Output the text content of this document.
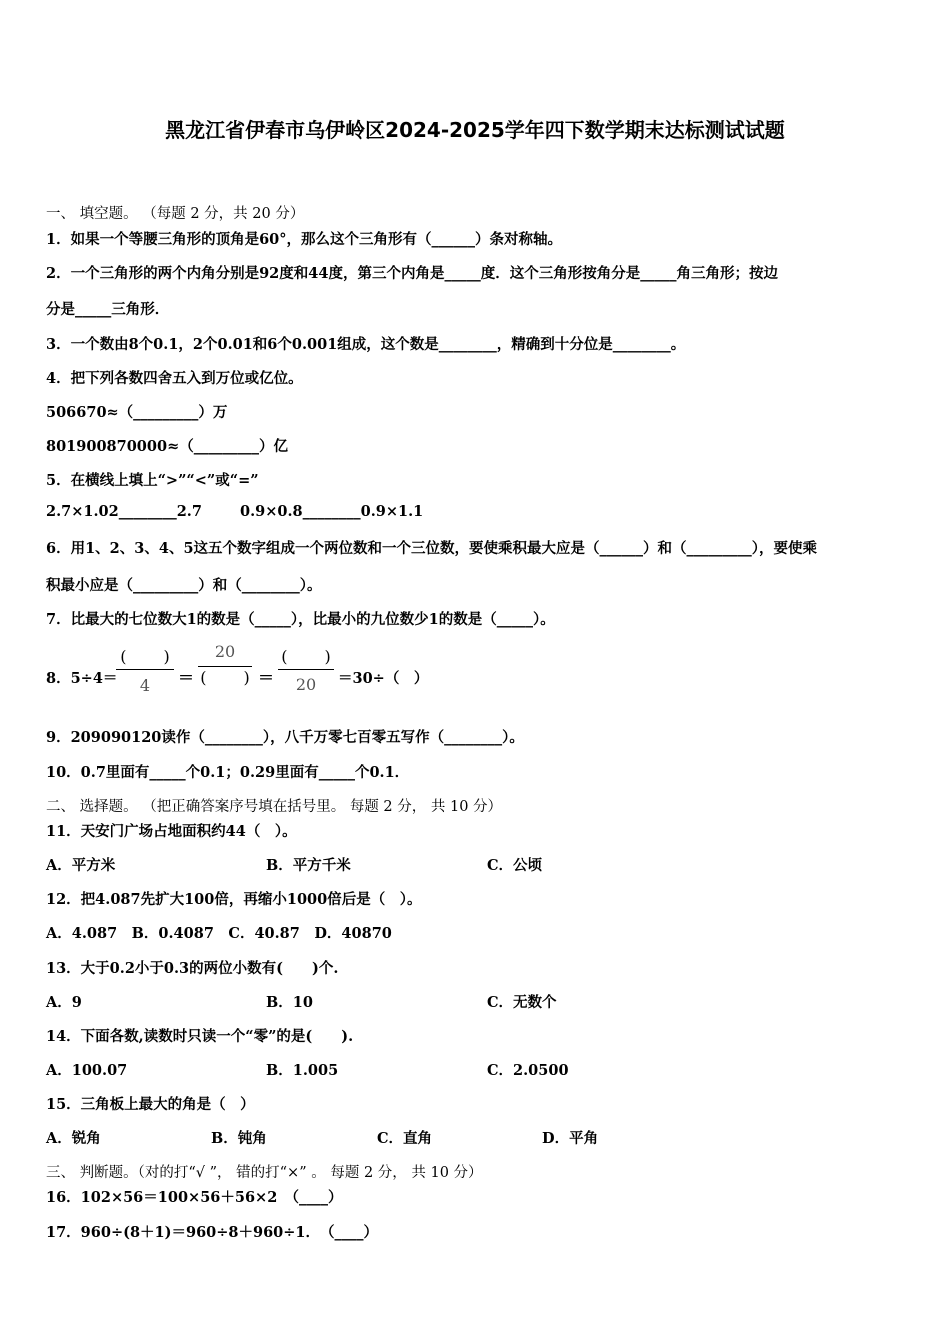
黑龙江省伊春市乌伊岭区2024-2025学年四下数学期末达标测试试题
一、 填空题。 （每题 2 分，共 20 分）
1．如果一个等腰三角形的顶角是60°，那么这个三角形有（______）条对称轴。
2．一个三角形的两个内角分别是92度和44度，第三个内角是_____度．这个三角形按角分是_____角三角形；按边
分是_____三角形．
3．一个数由8个0.1，2个0.01和6个0.001组成，这个数是________，精确到十分位是________。
4．把下列各数四舍五入到万位或亿位。
506670≈（_________）万
801900870000≈（_________）亿
5．在横线上填上“>”“<”或“=”
2.7×1.02________2.7	0.9×0.8________0.9×1.1
6．用1、2、3、4、5这五个数字组成一个两位数和一个三位数，要使乘积最大应是（______）和（_________），要使乘
积最小应是（_________）和（________）。
7．比最大的七位数大1的数是（_____），比最小的九位数少1的数是（_____）。
8．5÷4＝
(　 　)
4	＝
20
(　　 ) ＝
(　 　)
20	＝30÷（　）
9．209090120读作（________），八千万零七百零五写作（________）。
10．0.7里面有_____个0.1；0.29里面有_____个0.1．
二、 选择题。 （把正确答案序号填在括号里。 每题 2 分， 共 10 分）
11．天安门广场占地面积约44（　）。
A．平方米	B．平方千米	C．公顷
12．把4.087先扩大100倍，再缩小1000倍后是（　）。
A．4.087　B．0.4087　C．40.87　D．40870
13．大于0.2小于0.3的两位小数有(　　)个.
A．9	B．10	C．无数个
14．下面各数,读数时只读一个“零”的是(　　).
A．100.07	B．1.005	C．2.0500
15．三角板上最大的角是（　）
A．锐角	B．钝角	C．直角	D．平角
三、 判断题。（对的打“√ ”， 错的打“×” 。 每题 2 分， 共 10 分）
16．102×56＝100×56＋56×2　（____）
17．960÷(8＋1)＝960÷8＋960÷1．　（____）
